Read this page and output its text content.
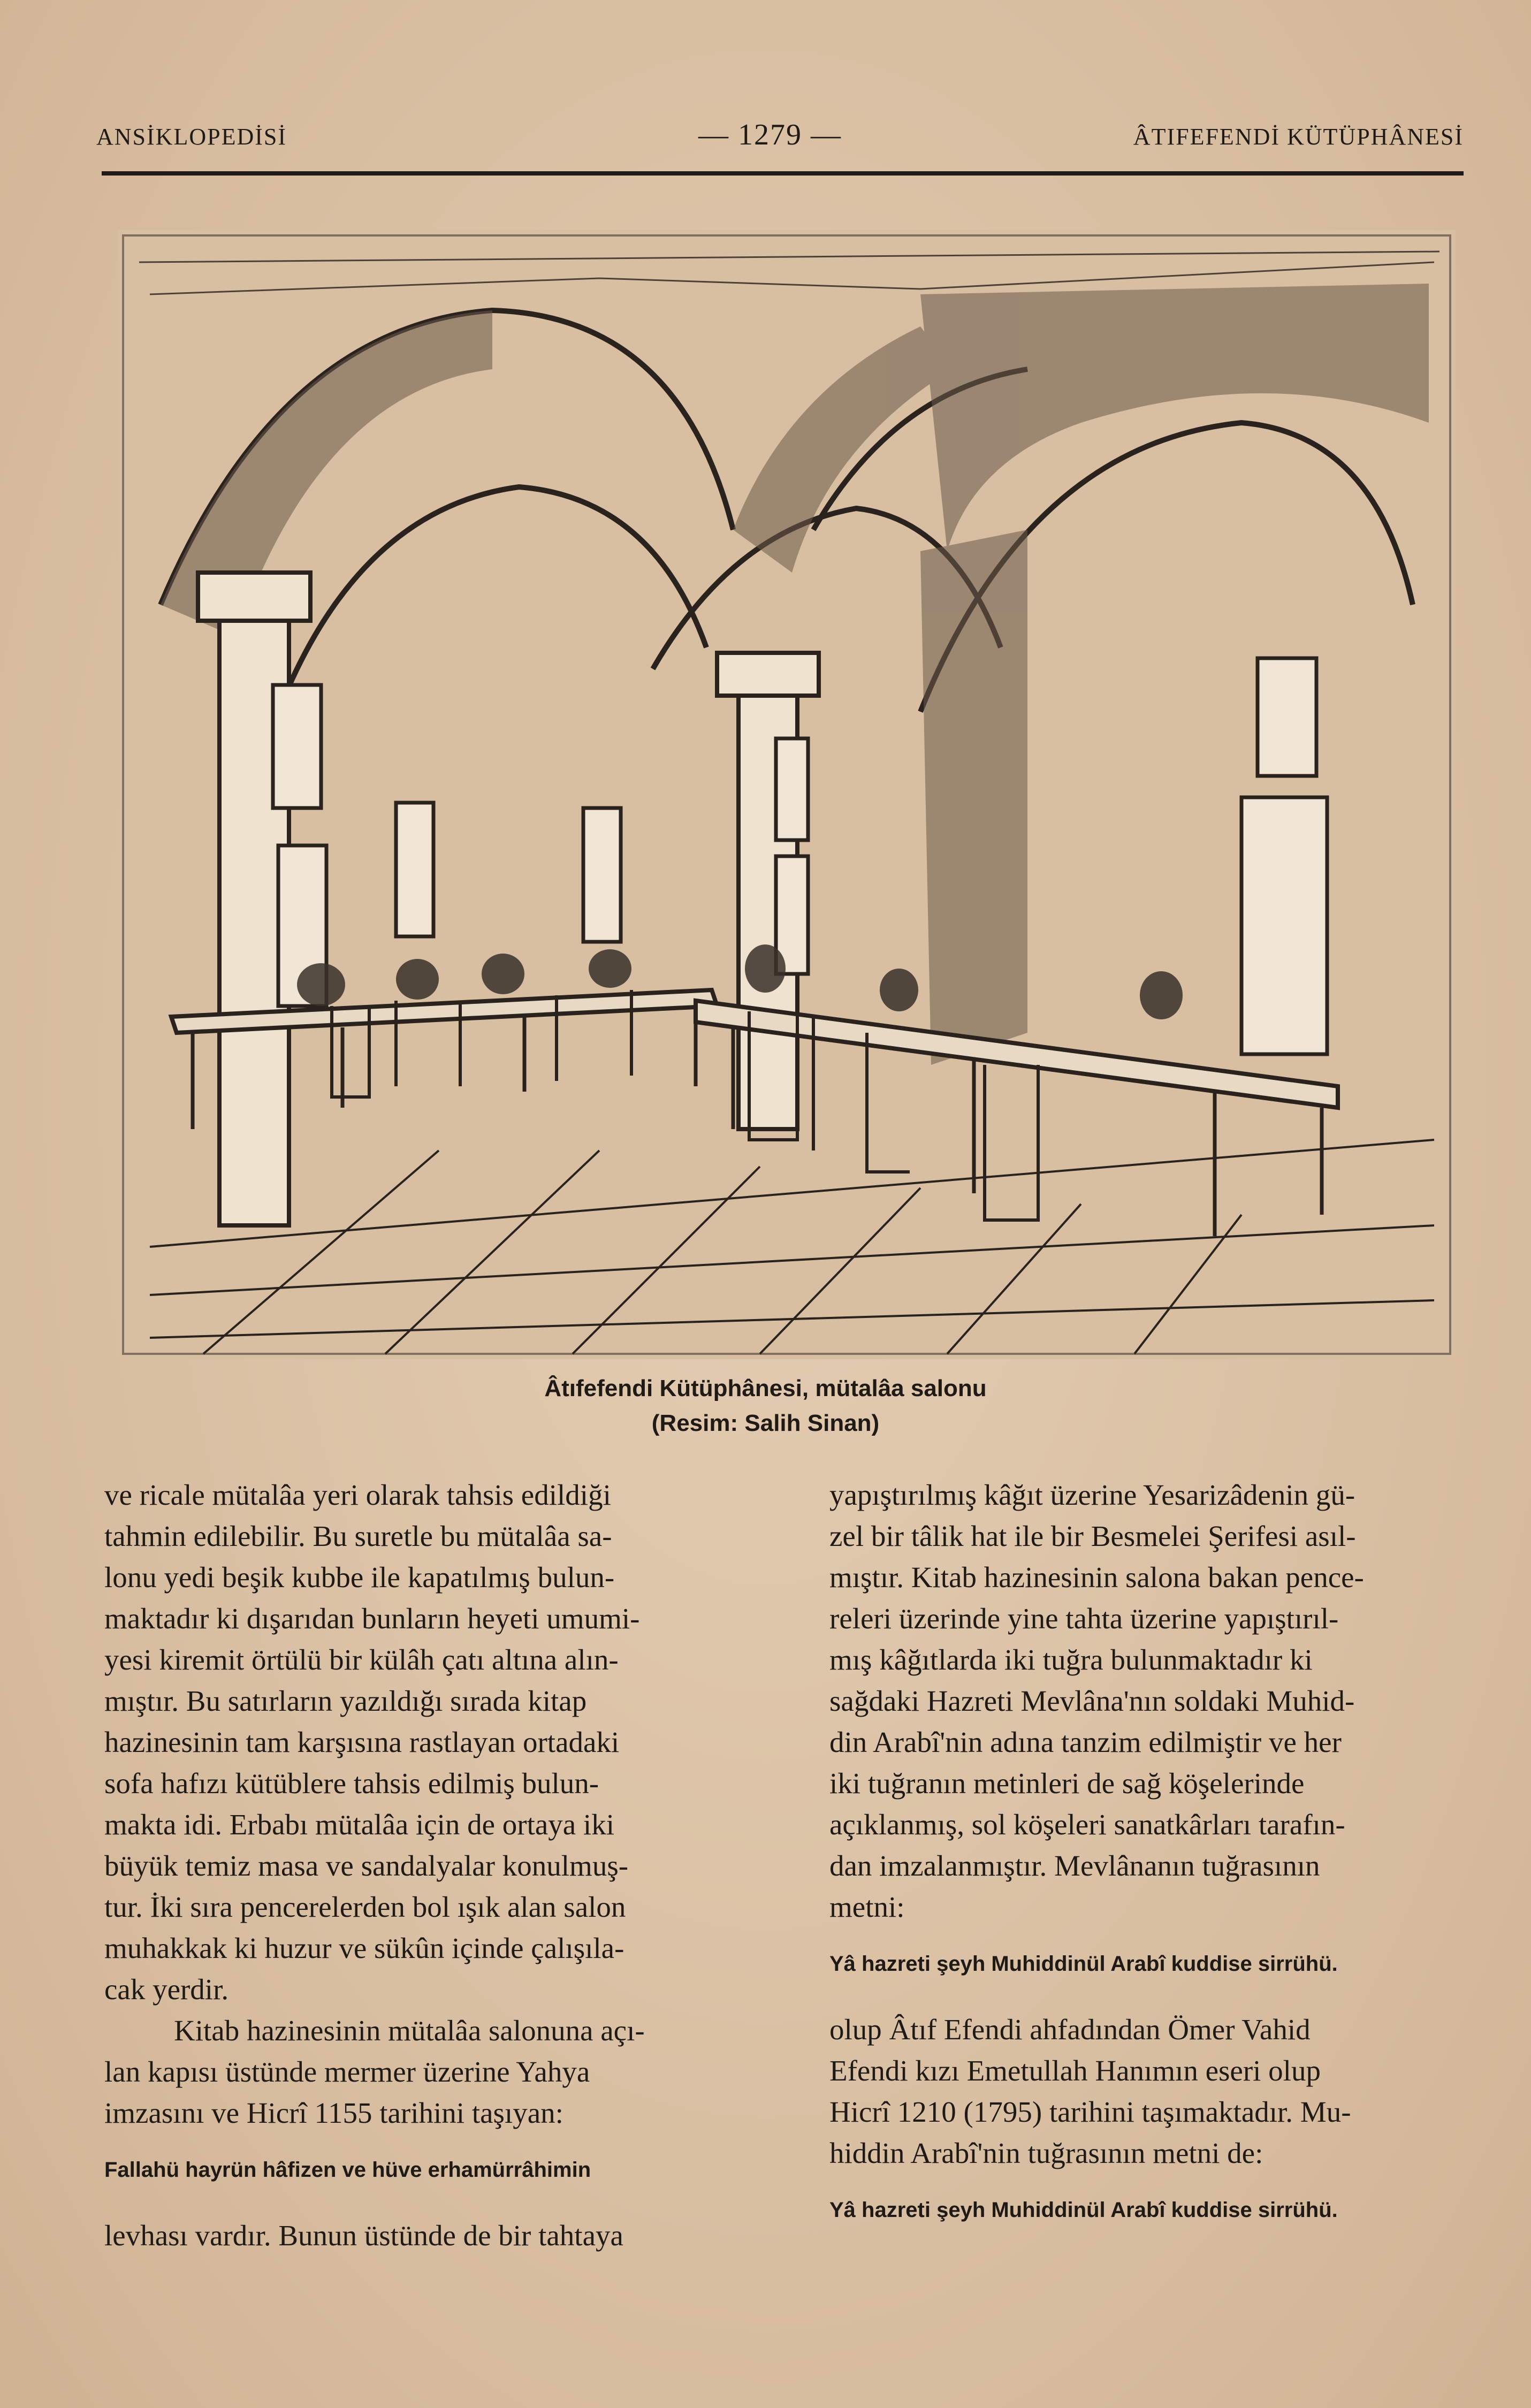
ANSİKLOPEDİSİ	— 1279 —	ÂTIFEFENDİ KÜTÜPHÂNESİ
Âtıfefendi Kütüphânesi, mütalâa salonu
(Resim: Salih Sinan)
ve ricale mütalâa yeri olarak tahsis edildiği
tahmin edilebilir. Bu suretle bu mütalâa sa-
lonu yedi beşik kubbe ile kapatılmış bulun-
maktadır ki dışarıdan bunların heyeti umumi-
yesi kiremit örtülü bir külâh çatı altına alın-
mıştır. Bu satırların yazıldığı sırada kitap
hazinesinin tam karşısına rastlayan ortadaki
sofa hafızı kütüblere tahsis edilmiş bulun-
makta idi. Erbabı mütalâa için de ortaya iki
büyük temiz masa ve sandalyalar konulmuş-
tur. İki sıra pencerelerden bol ışık alan salon
muhakkak ki huzur ve sükûn içinde çalışıla-
cak yerdir.
Kitab hazinesinin mütalâa salonuna açı-
lan kapısı üstünde mermer üzerine Yahya
imzasını ve Hicrî 1155 tarihini taşıyan:
Fallahü hayrün hâfizen ve hüve erhamürrâhimin
levhası vardır. Bunun üstünde de bir tahtaya
yapıştırılmış kâğıt üzerine Yesarizâdenin gü-
zel bir tâlik hat ile bir Besmelei Şerifesi asıl-
mıştır. Kitab hazinesinin salona bakan pence-
releri üzerinde yine tahta üzerine yapıştırıl-
mış kâğıtlarda iki tuğra bulunmaktadır ki
sağdaki Hazreti Mevlâna'nın soldaki Muhid-
din Arabî'nin adına tanzim edilmiştir ve her
iki tuğranın metinleri de sağ köşelerinde
açıklanmış, sol köşeleri sanatkârları tarafın-
dan imzalanmıştır. Mevlânanın tuğrasının
metni:
Yâ hazreti şeyh Muhiddinül Arabî kuddise sirrühü.
olup Âtıf Efendi ahfadından Ömer Vahid
Efendi kızı Emetullah Hanımın eseri olup
Hicrî 1210 (1795) tarihini taşımaktadır. Mu-
hiddin Arabî'nin tuğrasının metni de:
Yâ hazreti şeyh Muhiddinül Arabî kuddise sirrühü.
